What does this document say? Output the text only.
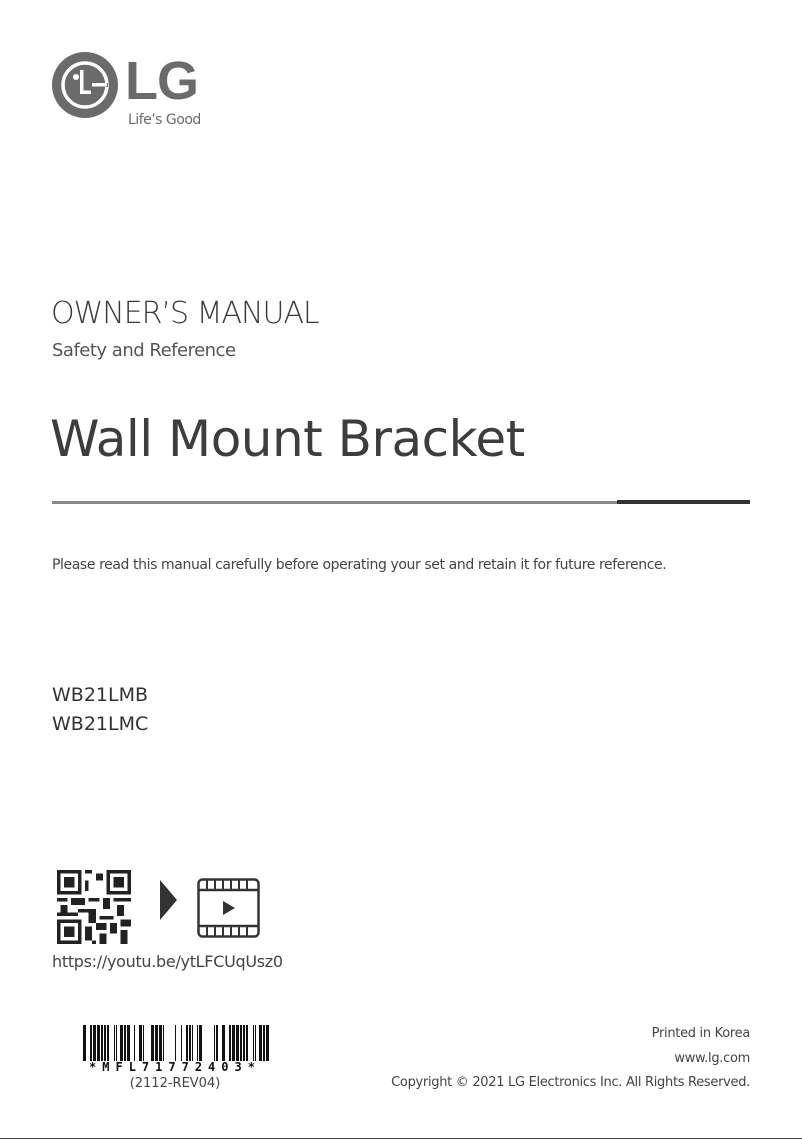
LG
Life’s Good
OWNER’S MANUAL
Safety and Reference
Wall Mount Bracket
Please read this manual carefully before operating your set and retain it for future reference.
WB21LMB
WB21LMC
https://youtu.be/ytLFCUqUsz0
*MFL71772403*
(2112-REV04)
Printed in Korea
www.lg.com
Copyright © 2021 LG Electronics Inc. All Rights Reserved.
